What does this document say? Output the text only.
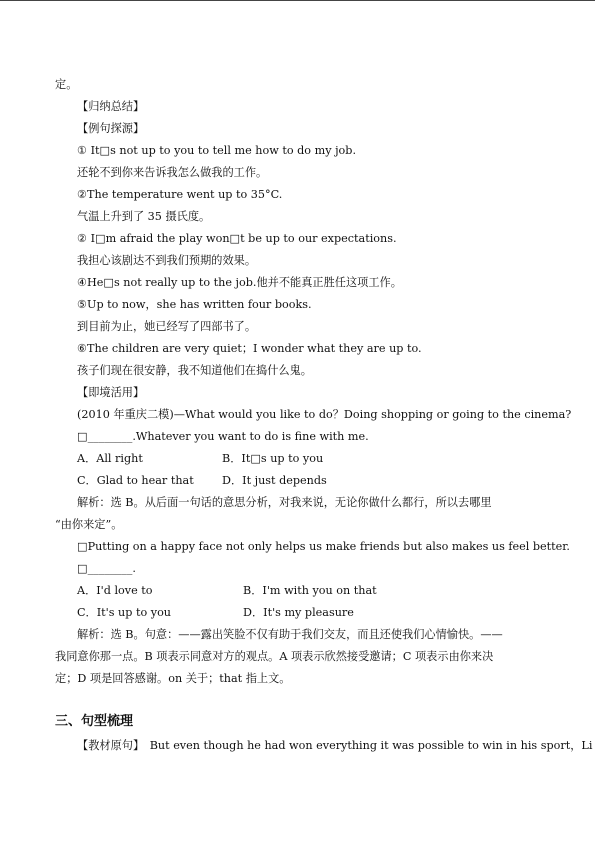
定。
【归纳总结】
【例句探源】
① It□s not up to you to tell me how to do my job.
还轮不到你来告诉我怎么做我的工作。
②The temperature went up to 35°C.
气温上升到了 35 摄氏度。
② I□m afraid the play won□t be up to our expectations.
我担心该剧达不到我们预期的效果。
④He□s not really up to the job.他并不能真正胜任这项工作。
⑤Up to now，she has written four books.
到目前为止，她已经写了四部书了。
⑥The children are very quiet；I wonder what they are up to.
孩子们现在很安静，我不知道他们在捣什么鬼。
【即境活用】
(2010 年重庆二模)—What would you like to do？Doing shopping or going to the cinema?
□________.Whatever you want to do is fine with me.
A．All right	B．It□s up to you
C．Glad to hear that	D．It just depends
解析：选 B。从后面一句话的意思分析，对我来说，无论你做什么都行，所以去哪里
“由你来定”。
□Putting on a happy face not only helps us make friends but also makes us feel better.
□________.
A．I'd love to	B．I'm with you on that
C．It's up to you	D．It's my pleasure
解析：选 B。句意：——露出笑脸不仅有助于我们交友，而且还使我们心情愉快。——
我同意你那一点。B 项表示同意对方的观点。A 项表示欣然接受邀请；C 项表示由你来决
定；D 项是回答感谢。on 关于；that 指上文。
三、句型梳理
【教材原句】　But even though he had won everything it was possible to win in his sport，Li
